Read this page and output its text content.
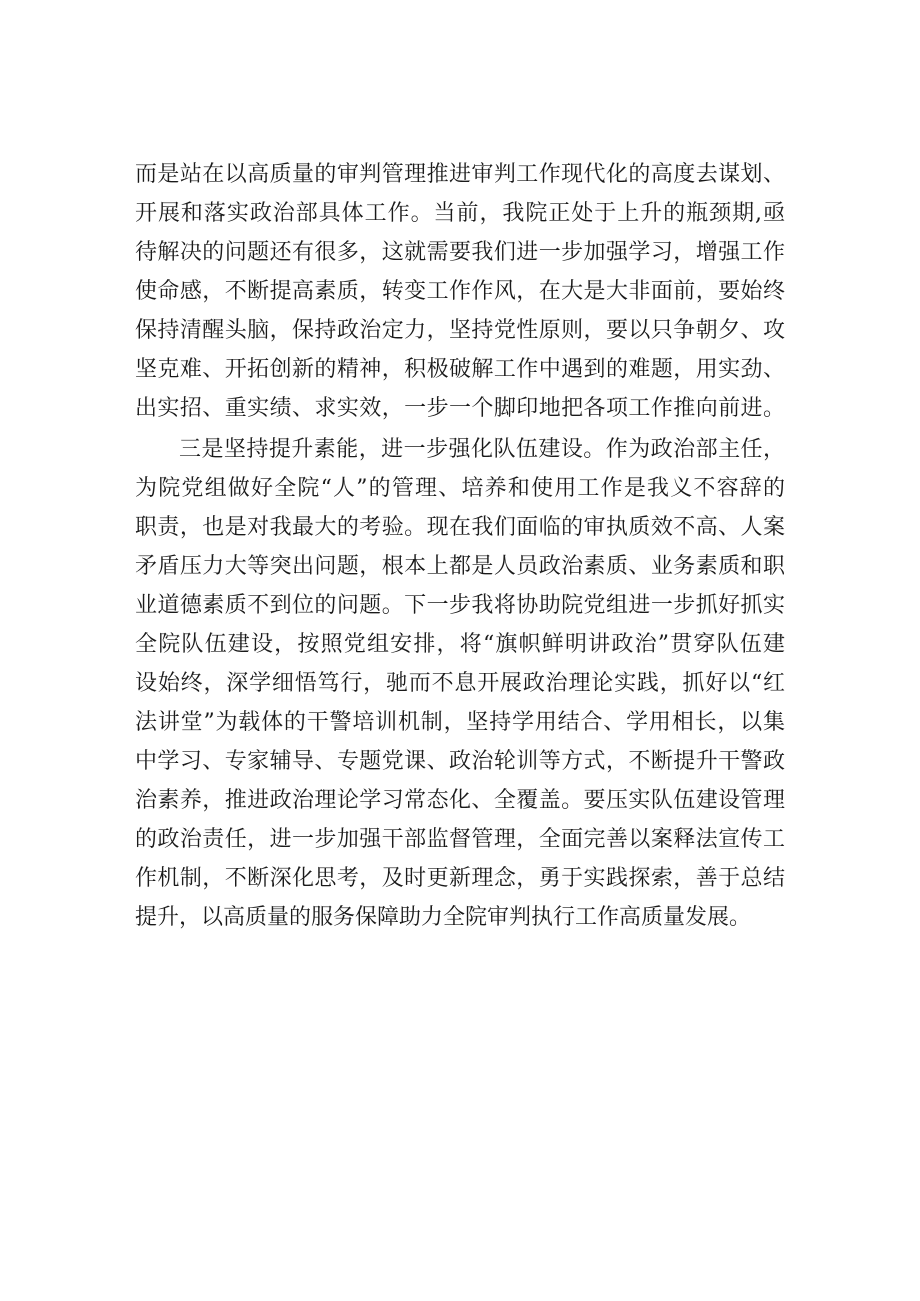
而是站在以高质量的审判管理推进审判工作现代化的高度去谋划、
开展和落实政治部具体工作。当前，我院正处于上升的瓶颈期,亟
待解决的问题还有很多，这就需要我们进一步加强学习，增强工作
使命感，不断提高素质，转变工作作风，在大是大非面前，要始终
保持清醒头脑，保持政治定力，坚持党性原则，要以只争朝夕、攻
坚克难、开拓创新的精神，积极破解工作中遇到的难题，用实劲、
出实招、重实绩、求实效，一步一个脚印地把各项工作推向前进。
三是坚持提升素能，进一步强化队伍建设。作为政治部主任，
为院党组做好全院“人”的管理、培养和使用工作是我义不容辞的
职责，也是对我最大的考验。现在我们面临的审执质效不高、人案
矛盾压力大等突出问题，根本上都是人员政治素质、业务素质和职
业道德素质不到位的问题。下一步我将协助院党组进一步抓好抓实
全院队伍建设，按照党组安排，将“旗帜鲜明讲政治”贯穿队伍建
设始终，深学细悟笃行，驰而不息开展政治理论实践，抓好以“红
法讲堂”为载体的干警培训机制，坚持学用结合、学用相长，以集
中学习、专家辅导、专题党课、政治轮训等方式，不断提升干警政
治素养，推进政治理论学习常态化、全覆盖。要压实队伍建设管理
的政治责任，进一步加强干部监督管理，全面完善以案释法宣传工
作机制，不断深化思考，及时更新理念，勇于实践探索，善于总结
提升，以高质量的服务保障助力全院审判执行工作高质量发展。
